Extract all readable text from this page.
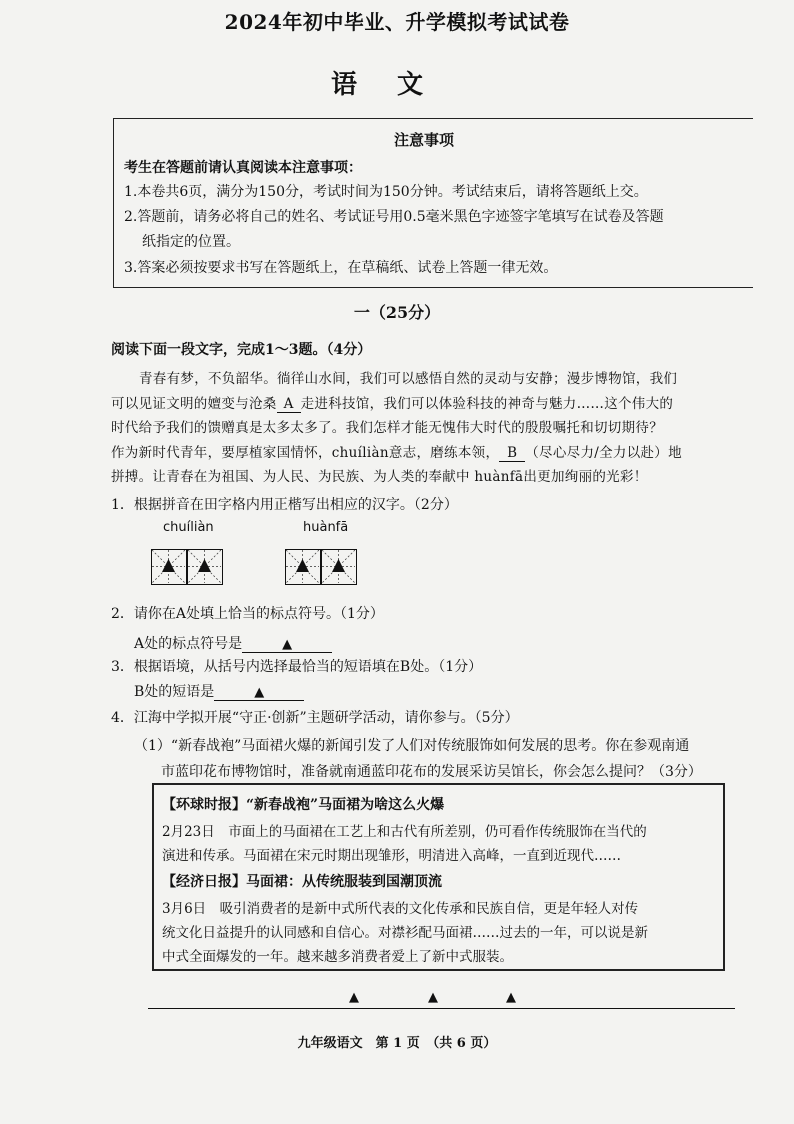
2024年初中毕业、升学模拟考试试卷
语文
注意事项
考生在答题前请认真阅读本注意事项：
1.本卷共6页，满分为150分，考试时间为150分钟。考试结束后，请将答题纸上交。
2.答题前，请务必将自己的姓名、考试证号用0.5毫米黑色字迹签字笔填写在试卷及答题
纸指定的位置。
3.答案必须按要求书写在答题纸上，在草稿纸、试卷上答题一律无效。
一（25分）
阅读下面一段文字，完成1～3题。（4分）
青春有梦，不负韶华。徜徉山水间，我们可以感悟自然的灵动与安静；漫步博物馆，我们
可以见证文明的嬗变与沧桑 A 走进科技馆，我们可以体验科技的神奇与魅力……这个伟大的
时代给予我们的馈赠真是太多太多了。我们怎样才能无愧伟大时代的殷殷嘱托和切切期待？
作为新时代青年，要厚植家国情怀，chuíliàn意志，磨练本领， B （尽心尽力/全力以赴）地
拼搏。让青春在为祖国、为人民、为民族、为人类的奉献中 huànfā出更加绚丽的光彩！
1．根据拼音在田字格内用正楷写出相应的汉字。（2分）
chuíliàn	huànfā
2．请你在A处填上恰当的标点符号。（1分）
A处的标点符号是	▲
3．根据语境，从括号内选择最恰当的短语填在B处。（1分）
B处的短语是	▲
4．江海中学拟开展“守正·创新”主题研学活动，请你参与。（5分）
（1）“新春战袍”马面裙火爆的新闻引发了人们对传统服饰如何发展的思考。你在参观南通
市蓝印花布博物馆时，准备就南通蓝印花布的发展采访吴馆长，你会怎么提问？（3分）
【环球时报】“新春战袍”马面裙为啥这么火爆
2月23日　市面上的马面裙在工艺上和古代有所差别，仍可看作传统服饰在当代的
演进和传承。马面裙在宋元时期出现雏形，明清进入高峰，一直到近现代……
【经济日报】马面裙：从传统服装到国潮顶流
3月6日　吸引消费者的是新中式所代表的文化传承和民族自信，更是年轻人对传
统文化日益提升的认同感和自信心。对襟衫配马面裙……过去的一年，可以说是新
中式全面爆发的一年。越来越多消费者爱上了新中式服装。
▲	▲	▲
九年级语文　第 1 页　（共 6 页）
